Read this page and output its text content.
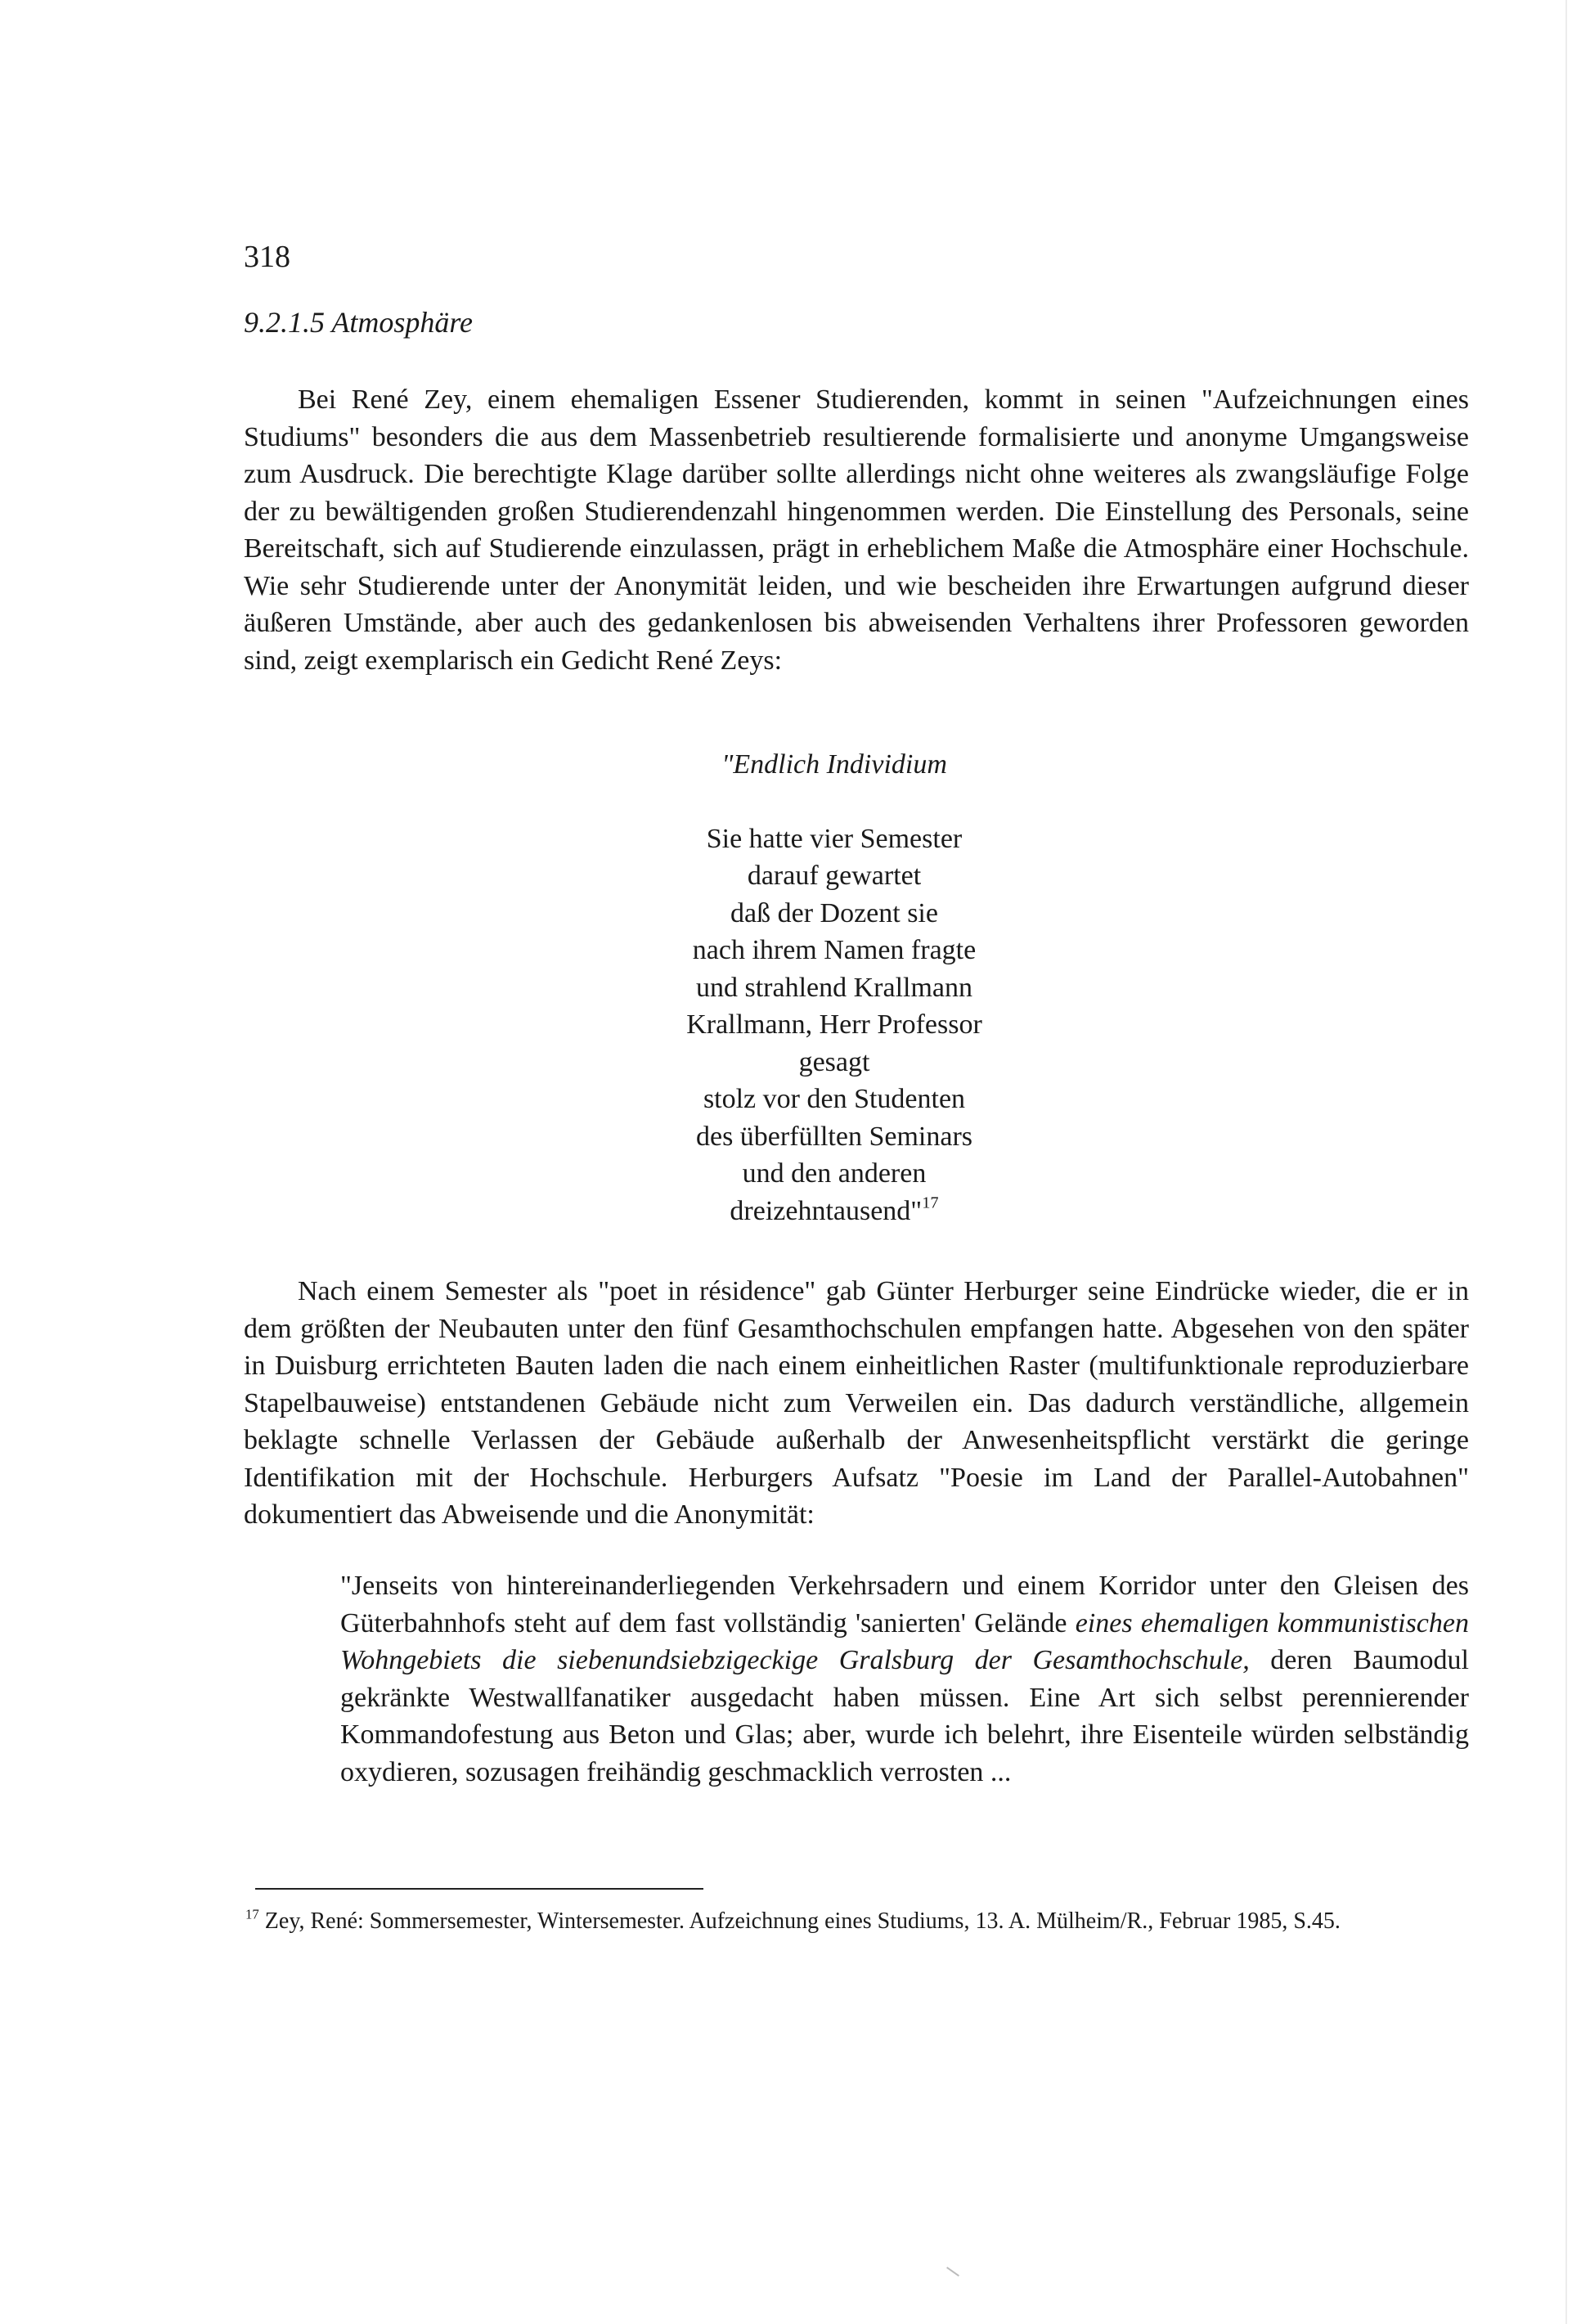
318
9.2.1.5 Atmosphäre

Bei René Zey, einem ehemaligen Essener Studierenden, kommt in seinen "Aufzeichnungen eines Studiums" besonders die aus dem Massenbetrieb resultierende formalisierte und anonyme Umgangsweise zum Ausdruck. Die berechtigte Klage darüber sollte allerdings nicht ohne weiteres als zwangsläufige Folge der zu bewältigenden großen Studierendenzahl hingenommen werden. Die Einstellung des Personals, seine Bereitschaft, sich auf Studierende einzulassen, prägt in erheblichem Maße die Atmosphäre einer Hochschule. Wie sehr Studierende unter der Anonymität leiden, und wie bescheiden ihre Erwartungen aufgrund dieser äußeren Umstände, aber auch des gedankenlosen bis abweisenden Verhaltens ihrer Professoren geworden sind, zeigt exemplarisch ein Gedicht René Zeys:

"Endlich Individium
Sie hatte vier Semester
darauf gewartet
daß der Dozent sie
nach ihrem Namen fragte
und strahlend Krallmann
Krallmann, Herr Professor
gesagt
stolz vor den Studenten
des überfüllten Seminars
und den anderen
dreizehntausend"$^{17}$

Nach einem Semester als "poet in résidence" gab Günter Herburger seine Eindrücke wieder, die er in dem größten der Neubauten unter den fünf Gesamthochschulen empfangen hatte. Abgesehen von den später in Duisburg errichteten Bauten laden die nach einem einheitlichen Raster (multifunktionale reproduzierbare Stapelbauweise) entstandenen Gebäude nicht zum Verweilen ein. Das dadurch verständliche, allgemein beklagte schnelle Verlassen der Gebäude außerhalb der Anwesenheitspflicht verstärkt die geringe Identifikation mit der Hochschule. Herburgers Aufsatz "Poesie im Land der Parallel-Autobahnen" dokumentiert das Abweisende und die Anonymität:

"Jenseits von hintereinanderliegenden Verkehrsadern und einem Korridor unter den Gleisen des Güterbahnhofs steht auf dem fast vollständig 'sanierten' Gelände eines ehemaligen kommunistischen Wohngebiets die siebenundsiebzigeckige Gralsburg der Gesamthochschule, deren Baumodul gekränkte Westwallfanatiker ausgedacht haben müssen. Eine Art sich selbst perennierender Kommandofestung aus Beton und Glas; aber, wurde ich belehrt, ihre Eisenteile würden selbständig oxydieren, sozusagen freihändig geschmacklich verrosten ...

$^{17}$ Zey, René: Sommersemester, Wintersemester. Aufzeichnung eines Studiums, 13. A. Mülheim/R., Februar 1985, S.45.
